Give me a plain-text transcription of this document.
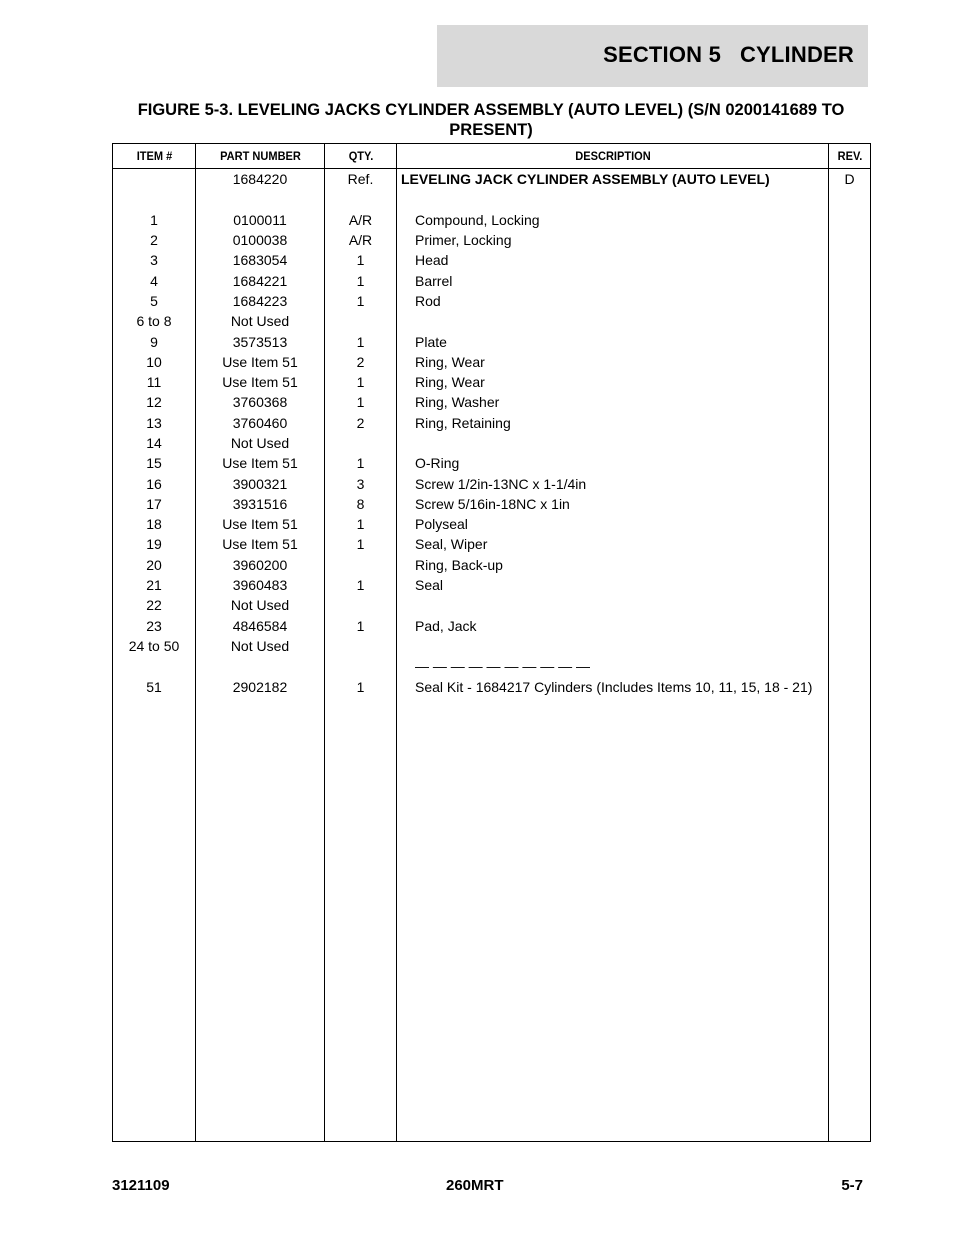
SECTION 5   CYLINDER
FIGURE 5-3. LEVELING JACKS CYLINDER ASSEMBLY (AUTO LEVEL) (S/N 0200141689 TO PRESENT)
ITEM #	PART NUMBER	QTY.	DESCRIPTION	REV.
	1684220	Ref.	LEVELING JACK CYLINDER ASSEMBLY (AUTO LEVEL)	D

1	0100011	A/R	Compound, Locking	
2	0100038	A/R	Primer, Locking	
3	1683054	1	Head	
4	1684221	1	Barrel	
5	1684223	1	Rod	
6 to 8	Not Used			
9	3573513	1	Plate	
10	Use Item 51	2	Ring, Wear	
11	Use Item 51	1	Ring, Wear	
12	3760368	1	Ring, Washer	
13	3760460	2	Ring, Retaining	
14	Not Used			
15	Use Item 51	1	O-Ring	
16	3900321	3	Screw 1/2in-13NC x 1-1/4in	
17	3931516	8	Screw 5/16in-18NC x 1in	
18	Use Item 51	1	Polyseal	
19	Use Item 51	1	Seal, Wiper	
20	3960200		Ring, Back-up	
21	3960483	1	Seal	
22	Not Used			
23	4846584	1	Pad, Jack	
24 to 50	Not Used			
			— — — — — — — — — —	
51	2902182	1	Seal Kit - 1684217 Cylinders (Includes Items 10, 11, 15, 18 - 21)	

3121109	260MRT	5-7
